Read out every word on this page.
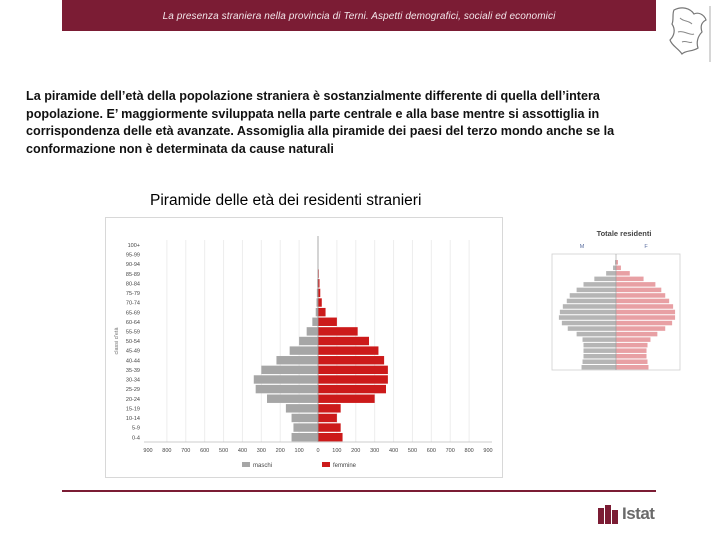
La presenza straniera nella provincia di Terni. Aspetti demografici, sociali ed economici

La piramide dell’età della popolazione straniera è sostanzialmente differente di quella dell’intera popolazione. E’ maggiormente sviluppata nella parte centrale e alla base mentre si assottiglia in corrispondenza delle età avanzate. Assomiglia alla piramide dei paesi del terzo mondo anche se la conformazione non è determinata da cause naturali

Piramide delle età dei residenti stranieri
100+
95-99
90-94
85-89
80-84
75-79
70-74
65-69
60-64
55-59
50-54
45-49
40-44
35-39
30-34
25-29
20-24
15-19
10-14
5-9
0-4
classi d'età
900 800 700 600 500 400 300 200 100 0 100 200 300 400 500 600 700 800 900
maschi	femmine
Totale residenti
M	F
Istat
